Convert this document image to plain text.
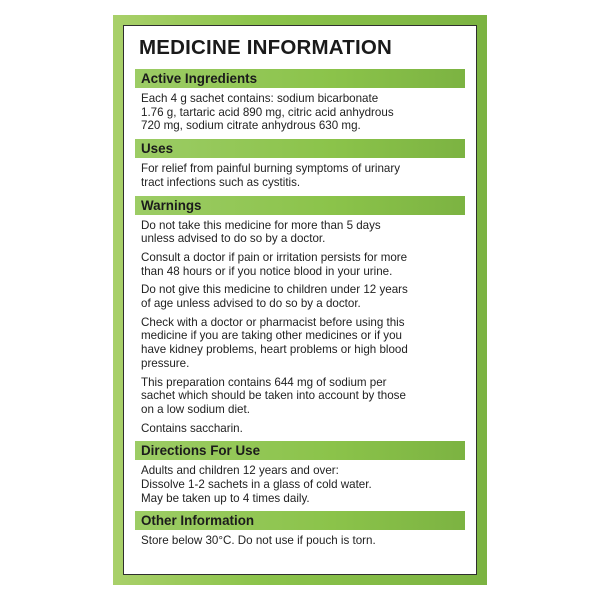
MEDICINE INFORMATION
Active Ingredients
Each 4 g sachet contains: sodium bicarbonate
1.76 g, tartaric acid 890 mg, citric acid anhydrous
720 mg, sodium citrate anhydrous 630 mg.
Uses
For relief from painful burning symptoms of urinary
tract infections such as cystitis.
Warnings
Do not take this medicine for more than 5 days
unless advised to do so by a doctor.
Consult a doctor if pain or irritation persists for more
than 48 hours or if you notice blood in your urine.
Do not give this medicine to children under 12 years
of age unless advised to do so by a doctor.
Check with a doctor or pharmacist before using this
medicine if you are taking other medicines or if you
have kidney problems, heart problems or high blood
pressure.
This preparation contains 644 mg of sodium per
sachet which should be taken into account by those
on a low sodium diet.
Contains saccharin.
Directions For Use
Adults and children 12 years and over:
Dissolve 1-2 sachets in a glass of cold water.
May be taken up to 4 times daily.
Other Information
Store below 30°C. Do not use if pouch is torn.
